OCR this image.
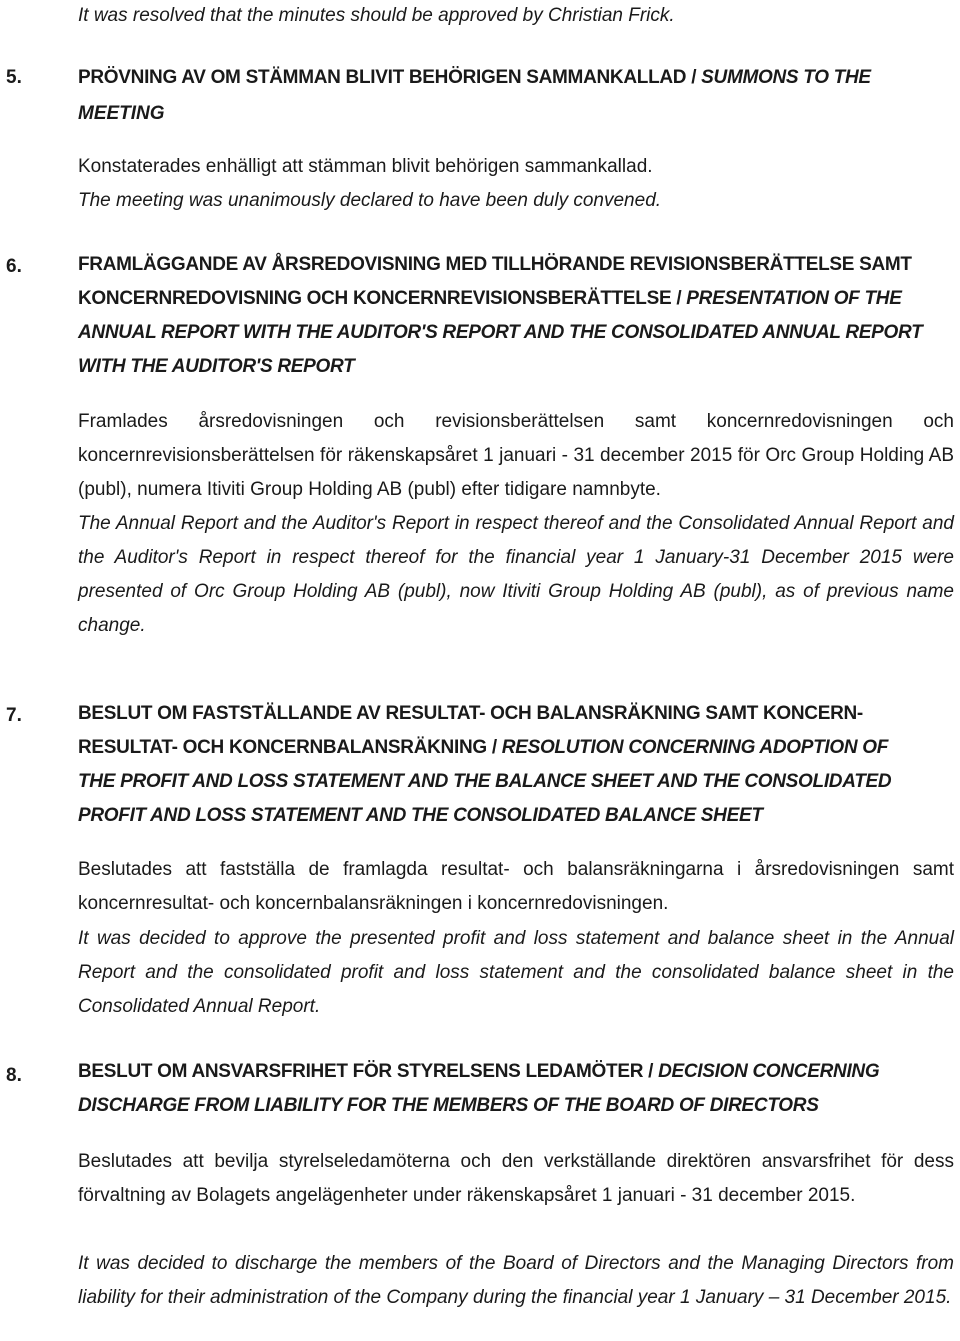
It was resolved that the minutes should be approved by Christian Frick.

5.	PRÖVNING AV OM STÄMMAN BLIVIT BEHÖRIGEN SAMMANKALLAD / SUMMONS TO THE

MEETING

Konstaterades enhälligt att stämman blivit behörigen sammankallad.

The meeting was unanimously declared to have been duly convened.

6.	FRAMLÄGGANDE AV ÅRSREDOVISNING MED TILLHÖRANDE REVISIONSBERÄTTELSE SAMT
KONCERNREDOVISNING OCH KONCERNREVISIONSBERÄTTELSE / PRESENTATION OF THE
ANNUAL REPORT WITH THE AUDITOR'S REPORT AND THE CONSOLIDATED ANNUAL REPORT
WITH THE AUDITOR'S REPORT

Framlades årsredovisningen och revisionsberättelsen samt koncernredovisningen och koncernrevisionsberättelsen för räkenskapsåret 1 januari - 31 december 2015 för Orc Group Holding AB (publ), numera Itiviti Group Holding AB (publ) efter tidigare namnbyte.

The Annual Report and the Auditor's Report in respect thereof and the Consolidated Annual Report and the Auditor's Report in respect thereof for the financial year 1 January-31 December 2015 were presented of Orc Group Holding AB (publ), now Itiviti Group Holding AB (publ), as of previous name change.

7.	BESLUT OM FASTSTÄLLANDE AV RESULTAT- OCH BALANSRÄKNING SAMT KONCERN-
RESULTAT- OCH KONCERNBALANSRÄKNING / RESOLUTION CONCERNING ADOPTION OF
THE PROFIT AND LOSS STATEMENT AND THE BALANCE SHEET AND THE CONSOLIDATED
PROFIT AND LOSS STATEMENT AND THE CONSOLIDATED BALANCE SHEET

Beslutades att fastställa de framlagda resultat- och balansräkningarna i årsredovisningen samt koncernresultat- och koncernbalansräkningen i koncernredovisningen.

It was decided to approve the presented profit and loss statement and balance sheet in the Annual Report and the consolidated profit and loss statement and the consolidated balance sheet in the Consolidated Annual Report.

8.	BESLUT OM ANSVARSFRIHET FÖR STYRELSENS LEDAMÖTER / DECISION CONCERNING
DISCHARGE FROM LIABILITY FOR THE MEMBERS OF THE BOARD OF DIRECTORS

Beslutades att bevilja styrelseledamöterna och den verkställande direktören ansvarsfrihet för dess förvaltning av Bolagets angelägenheter under räkenskapsåret 1 januari - 31 december 2015.

It was decided to discharge the members of the Board of Directors and the Managing Directors from liability for their administration of the Company during the financial year 1 January – 31 December 2015.
